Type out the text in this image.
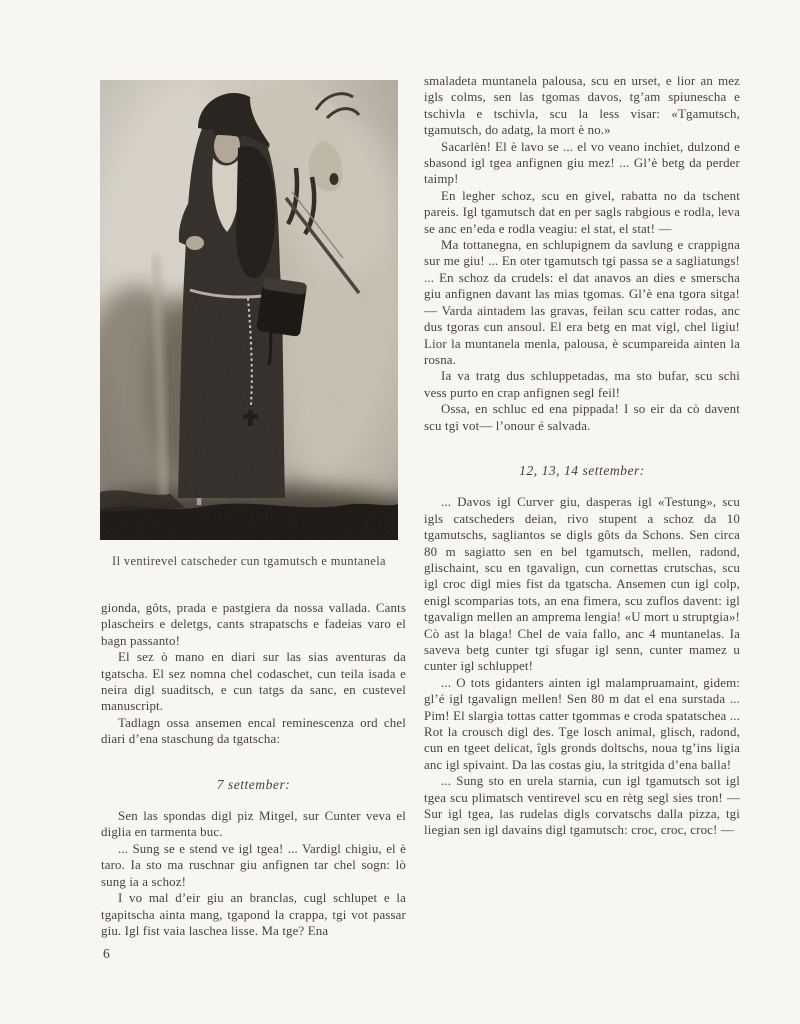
Il ventirevel catscheder cun tgamutsch e muntanela

gionda, gôts, prada e pastgiera da nossa vallada. Cants plascheirs e deletgs, cants strapatschs e fadeias varo el bagn passanto!

El sez ò mano en diari sur las sias aventuras da tgatscha. El sez nomna chel codaschet, cun teila isada e neira digl suaditsch, e cun tatgs da sanc, en custevel manuscript.

Tadlagn ossa ansemen encal reminescenza ord chel diari d’ena staschung da tgatscha:

7 settember:

Sen las spondas digl piz Mitgel, sur Cunter veva el diglia en tarmenta buc.

... Sung se e stend ve igl tgea! ... Vardigl chigiu, el è taro. Ia sto ma ruschnar giu anfignen tar chel sogn: lò sung ia a schoz!

I vo mal d’eir giu an branclas, cugl schlupet e la tgapitscha ainta mang, tgapond la crappa, tgi vot passar giu. Igl fist vaia laschea lisse. Ma tge? Ena

smaladeta muntanela palousa, scu en urset, e lior an mez igls colms, sen las tgomas davos, tg’am spiunescha e tschivla e tschivla, scu la less visar: «Tgamutsch, tgamutsch, do adatg, la mort è no.»

Sacarlèn! El è lavo se ... el vo veano inchiet, dulzond e sbasond igl tgea anfignen giu mez! ... Gl’è betg da perder taimp!

En legher schoz, scu en givel, rabatta no da tschent pareis. Igl tgamutsch dat en per sagls rabgious e rodla, leva se anc en’eda e rodla veagiu: el stat, el stat! —

Ma tottanegna, en schlupignem da savlung e crappigna sur me giu! ... En oter tgamutsch tgi passa se a sagliatungs! ... En schoz da crudels: el dat anavos an dies e smerscha giu anfignen davant las mias tgomas. Gl’è ena tgora sitga! — Varda aintadem las gravas, feilan scu catter rodas, anc dus tgoras cun ansoul. El era betg en mat vigl, chel ligiu! Lior la muntanela menla, palousa, è scumpareida ainten la rosna.

Ia va tratg dus schluppetadas, ma sto bufar, scu schi vess purto en crap anfignen segl feil!

Ossa, en schluc ed ena pippada! I so eir da cò davent scu tgi vot— l’onour é salvada.

12, 13, 14 settember:

... Davos igl Curver giu, dasperas igl «Testung», scu igls catscheders deian, rivo stupent a schoz da 10 tgamutschs, sagliantos se digls gôts da Schons. Sen circa 80 m sagiatto sen en bel tgamutsch, mellen, radond, glischaint, scu en tgavalign, cun cornettas crutschas, scu igl croc digl mies fist da tgatscha. Ansemen cun igl colp, enigl scomparias tots, an ena fimera, scu zuflos davent: igl tgavalign mellen an amprema lengia! «U mort u struptgia»! Cò ast la blaga! Chel de vaia fallo, anc 4 muntanelas. Ia saveva betg cunter tgi sfugar igl senn, cunter mamez u cunter igl schluppet!

... O tots gidanters ainten igl malampruamaint, gidem: gl’é igl tgavalign mellen! Sen 80 m dat el ena surstada ... Pim! El slargia tottas catter tgommas e croda spatatschea ... Rot la crousch digl des. Tge losch animal, glisch, radond, cun en tgeet delicat, îgls gronds doltschs, noua tg’ins ligia anc igl spivaint. Da las costas giu, la stritgida d’ena balla!

... Sung sto en urela starnia, cun igl tgamutsch sot igl tgea scu plimatsch ventirevel scu en rètg segl sies tron! — Sur igl tgea, las rudelas digls corvatschs dalla pizza, tgi liegian sen igl davains digl tgamutsch: croc, croc, croc! —

6
